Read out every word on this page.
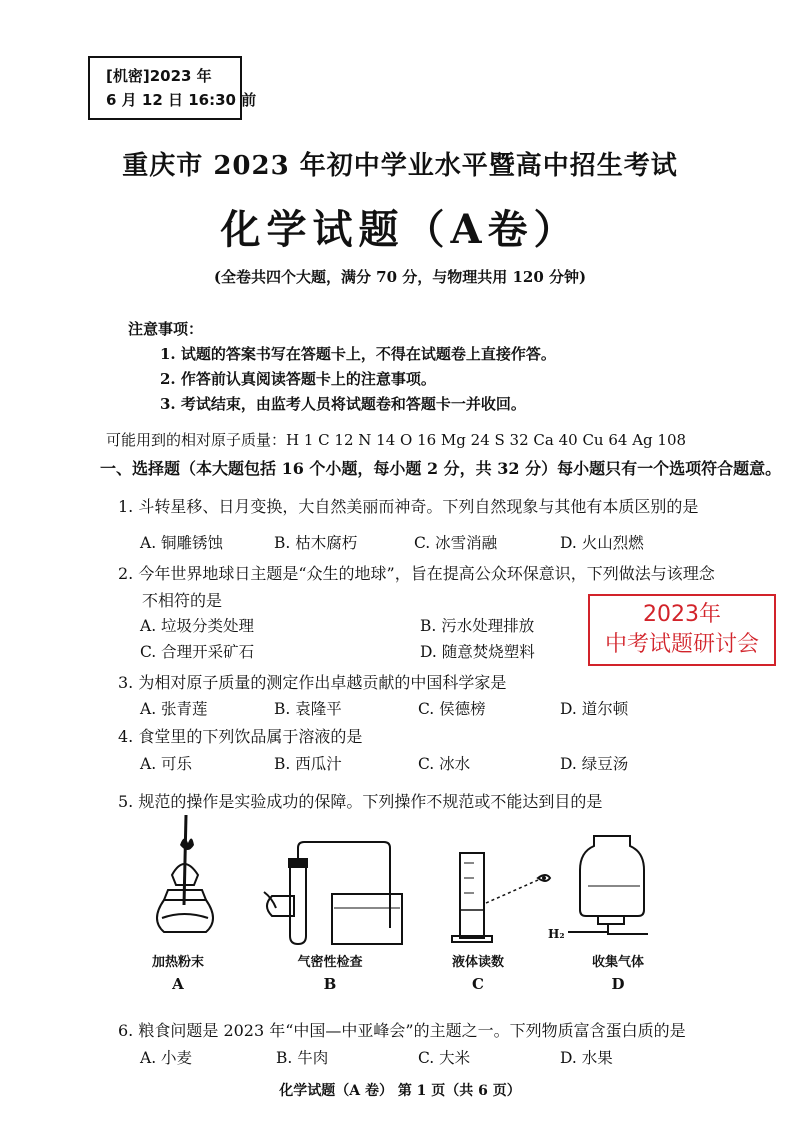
[机密]2023 年
6 月 12 日 16:30 前
重庆市 2023 年初中学业水平暨高中招生考试
化学试题（A卷）
(全卷共四个大题，满分 70 分，与物理共用 120 分钟)
注意事项：
1. 试题的答案书写在答题卡上，不得在试题卷上直接作答。
2. 作答前认真阅读答题卡上的注意事项。
3. 考试结束，由监考人员将试题卷和答题卡一并收回。
可能用到的相对原子质量：H 1 C 12 N 14 O 16 Mg 24 S 32 Ca 40 Cu 64 Ag 108
一、选择题（本大题包括 16 个小题，每小题 2 分，共 32 分）每小题只有一个选项符合题意。
1. 斗转星移、日月变换，大自然美丽而神奇。下列自然现象与其他有本质区别的是
A. 铜雕锈蚀	B. 枯木腐朽	C. 冰雪消融	D. 火山烈燃
2. 今年世界地球日主题是“众生的地球”，旨在提高公众环保意识，下列做法与该理念
不相符的是
A. 垃圾分类处理	B. 污水处理排放
C. 合理开采矿石	D. 随意焚烧塑料
2023年
中考试题研讨会
3. 为相对原子质量的测定作出卓越贡献的中国科学家是
A. 张青莲	B. 袁隆平	C. 侯德榜	D. 道尔顿
4. 食堂里的下列饮品属于溶液的是
A. 可乐	B. 西瓜汁	C. 冰水	D. 绿豆汤
5. 规范的操作是实验成功的保障。下列操作不规范或不能达到目的是
H₂
加热粉末	气密性检查	液体读数	收集气体
A	B	C	D
6. 粮食问题是 2023 年“中国—中亚峰会”的主题之一。下列物质富含蛋白质的是
A. 小麦	B. 牛肉	C. 大米	D. 水果
化学试题（A 卷） 第 1 页（共 6 页）
